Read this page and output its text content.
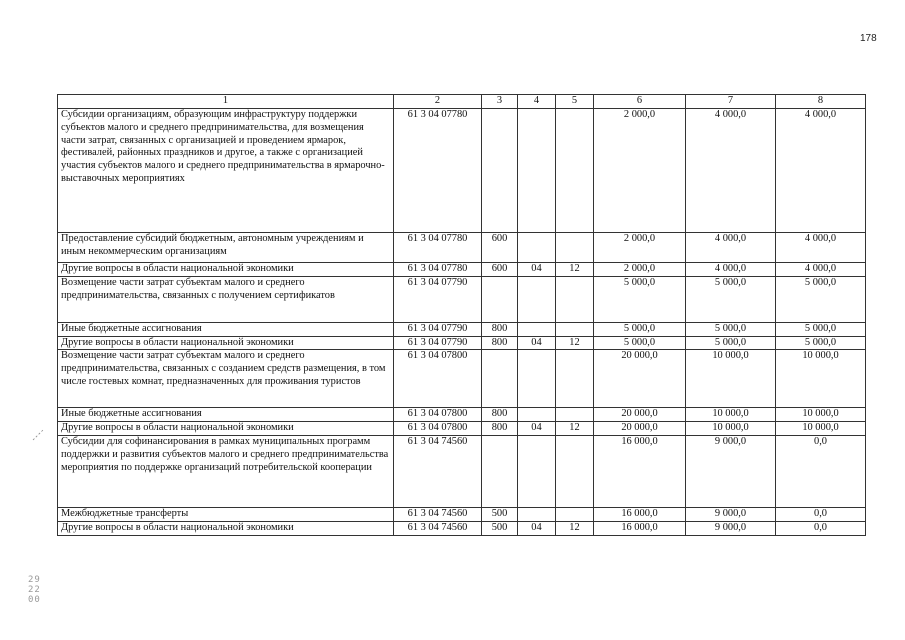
178
1	2	3	4	5	6	7	8
Субсидии организациям, образующим инфраструктуру поддержки субъектов малого и среднего предпринимательства, для возмещения части затрат, связанных с организацией и проведением ярмарок, фестивалей, районных праздников и другое, а также с организацией участия субъектов малого и среднего предпринимательства в ярмарочно-выставочных мероприятиях	61 3 04 07780				2 000,0	4 000,0	4 000,0
Предоставление субсидий бюджетным, автономным учреждениям и иным некоммерческим организациям	61 3 04 07780	600			2 000,0	4 000,0	4 000,0
Другие вопросы в области национальной экономики	61 3 04 07780	600	04	12	2 000,0	4 000,0	4 000,0
Возмещение части затрат субъектам малого и среднего предпринимательства, связанных с получением сертификатов	61 3 04 07790				5 000,0	5 000,0	5 000,0
Иные бюджетные ассигнования	61 3 04 07790	800			5 000,0	5 000,0	5 000,0
Другие вопросы в области национальной экономики	61 3 04 07790	800	04	12	5 000,0	5 000,0	5 000,0
Возмещение части затрат субъектам малого и среднего предпринимательства, связанных с созданием средств размещения, в том числе гостевых комнат, предназначенных для проживания туристов	61 3 04 07800				20 000,0	10 000,0	10 000,0
Иные бюджетные ассигнования	61 3 04 07800	800			20 000,0	10 000,0	10 000,0
Другие вопросы в области национальной экономики	61 3 04 07800	800	04	12	20 000,0	10 000,0	10 000,0
Субсидии для софинансирования в рамках муниципальных программ поддержки и развития субъектов малого и среднего предпринимательства мероприятия по поддержке организаций потребительской кооперации	61 3 04 74560				16 000,0	9 000,0	0,0
Межбюджетные трансферты	61 3 04 74560	500			16 000,0	9 000,0	0,0
Другие вопросы в области национальной экономики	61 3 04 74560	500	04	12	16 000,0	9 000,0	0,0
29
22
00
